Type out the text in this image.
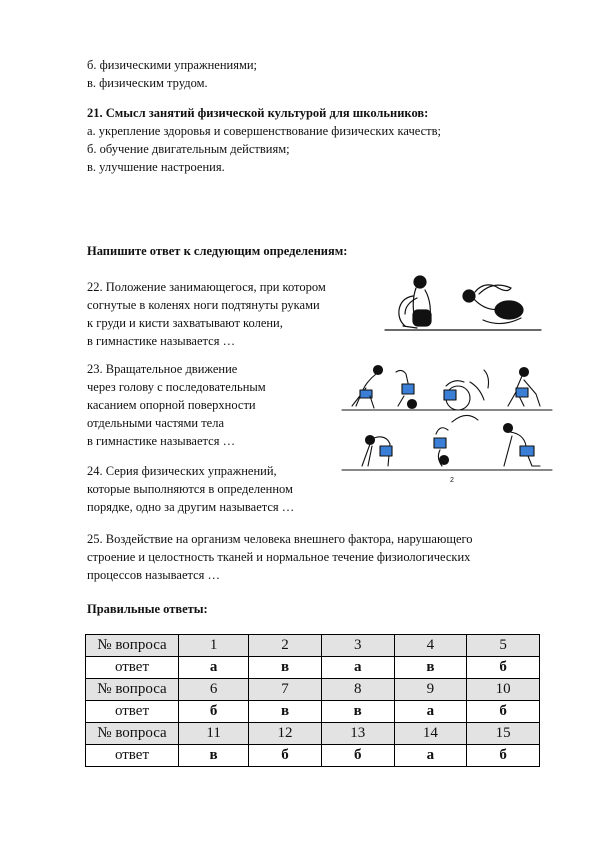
б. физическими упражнениями;
в. физическим трудом.
21. Смысл занятий физической культурой для школьников:
а. укрепление здоровья и совершенствование физических качеств;
б. обучение двигательным действиям;
в. улучшение настроения.
Напишите ответ к следующим определениям:
22. Положение занимающегося, при котором
согнутые в коленях ноги подтянуты руками
к груди и кисти захватывают колени,
в гимнастике называется …
23. Вращательное движение
через голову с последовательным
касанием опорной поверхности
отдельными частями тела
в гимнастике называется …
24. Серия физических упражнений,
которые выполняются в определенном
порядке, одно за другим называется …
25. Воздействие на организм человека внешнего фактора, нарушающего
строение и целостность тканей и нормальное течение физиологических
процессов называется …
2
Правильные ответы:
№ вопроса	1	2	3	4	5
ответ	а	в	а	в	б
№ вопроса	6	7	8	9	10
ответ	б	в	в	а	б
№ вопроса	11	12	13	14	15
ответ	в	б	б	а	б
